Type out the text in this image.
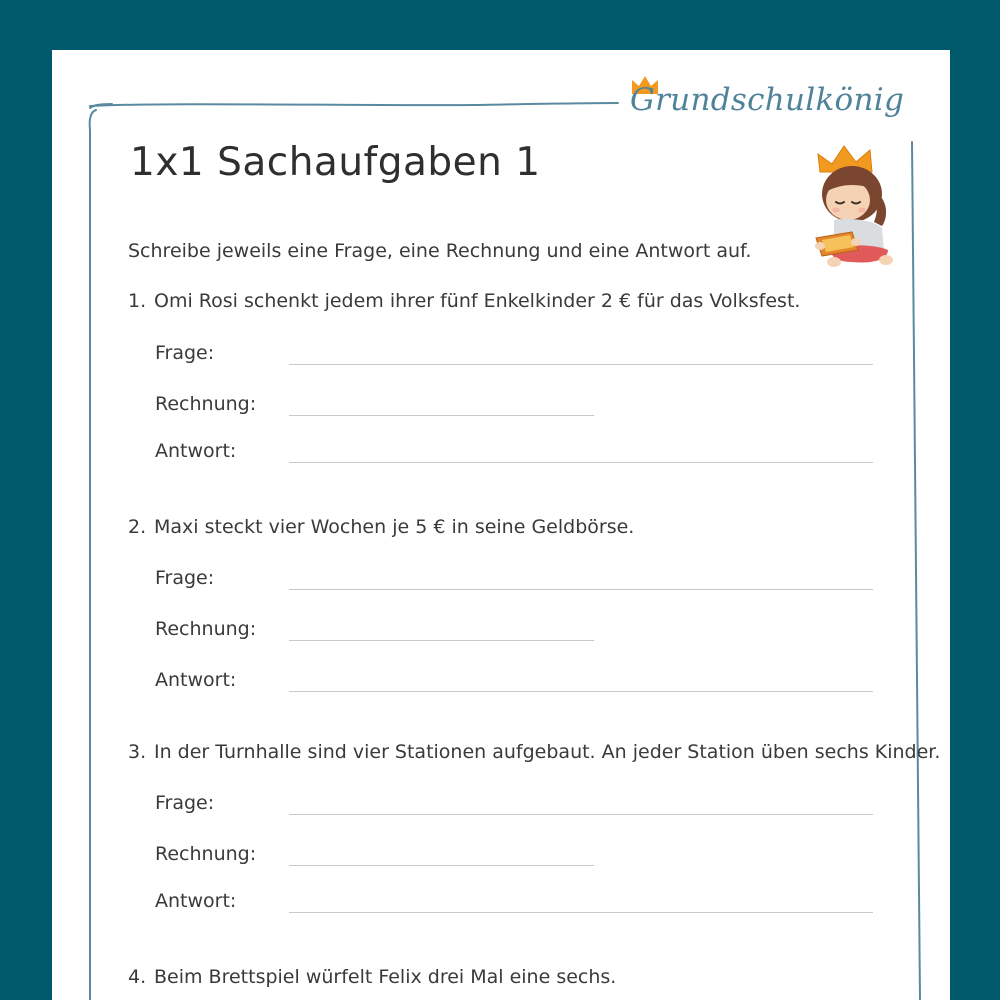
Grundschulkönig
1x1 Sachaufgaben 1
Schreibe jeweils eine Frage, eine Rechnung und eine Antwort auf.
1. Omi Rosi schenkt jedem ihrer fünf Enkelkinder 2 € für das Volksfest.
Frage:
Rechnung:
Antwort:
2. Maxi steckt vier Wochen je 5 € in seine Geldbörse.
Frage:
Rechnung:
Antwort:
3. In der Turnhalle sind vier Stationen aufgebaut. An jeder Station üben sechs Kinder.
Frage:
Rechnung:
Antwort:
4. Beim Brettspiel würfelt Felix drei Mal eine sechs.
